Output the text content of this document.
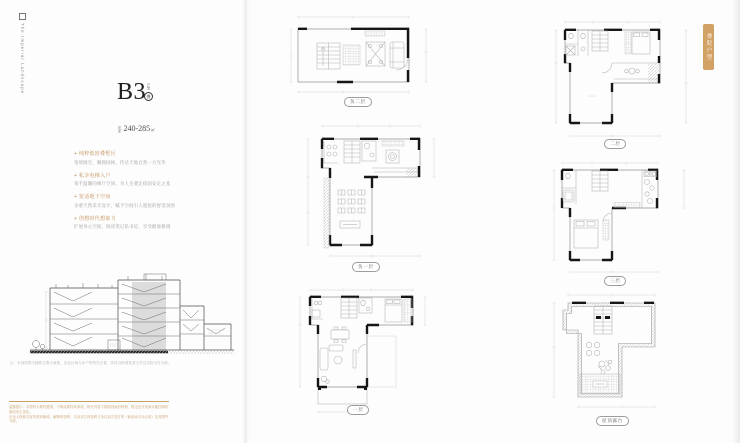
The Imperial Landscape	B3 户型
叠
建面 240-285 ㎡
+ 纯粹低密叠墅区
宽境阔宅，瞰拥园林，传达天地自然一方光华
+ 私享电梯入户
垂手温馨的梯厅空间，为人生奠定稳固安定之基
+ 宽适地下空间
多重天然采光设计，赋予空间引人遐思的舒适氛围
+ 创想时代想象力
扩展身心空间，阅读笔记私书房，享受健康格调
注：本剖面图为楼栋位置示意图，灰色区域为本户型所在位置，具体以规划批准文件及实际交付为准。

温馨提示：本资料为要约邀请，不构成要约或承诺，相关内容不排除因政府规划、规定及开发商未能控制的原因发生变化。

出卖人保留对宣传资料修改、解释的权利，买卖双方的权利义务以双方签订的《商品房买卖合同》及其附件为准。

负二层
负一层
一层
二层
三层
屋顶露台
叠院户型
